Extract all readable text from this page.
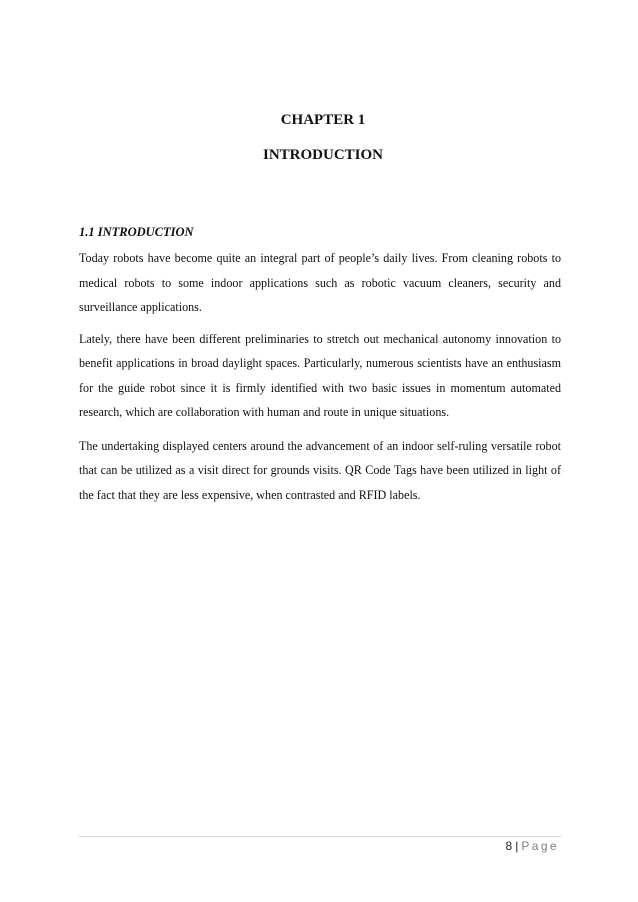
CHAPTER 1
INTRODUCTION
1.1 INTRODUCTION

Today robots have become quite an integral part of people’s daily lives. From cleaning robots to medical robots to some indoor applications such as robotic vacuum cleaners, security and surveillance applications.

Lately, there have been different preliminaries to stretch out mechanical autonomy innovation to benefit applications in broad daylight spaces. Particularly, numerous scientists have an enthusiasm for the guide robot since it is firmly identified with two basic issues in momentum automated research, which are collaboration with human and route in unique situations.

The undertaking displayed centers around the advancement of an indoor self-ruling versatile robot that can be utilized as a visit direct for grounds visits. QR Code Tags have been utilized in light of the fact that they are less expensive, when contrasted and RFID labels.

8 | Page
